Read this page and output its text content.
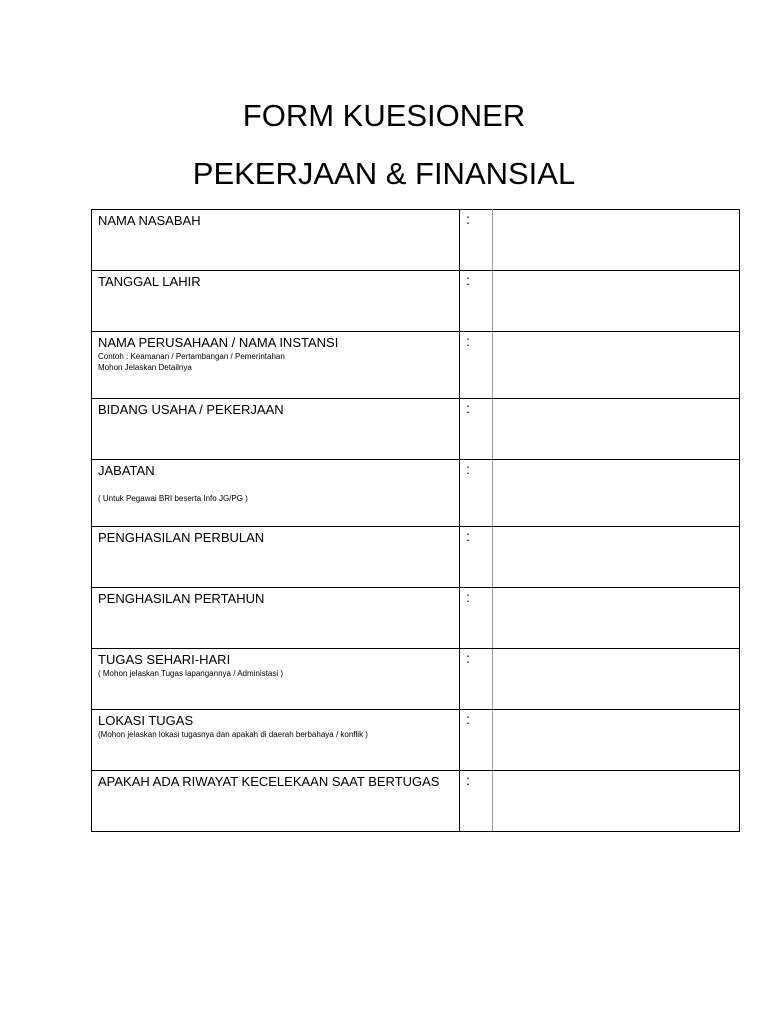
FORM KUESIONER
PEKERJAAN & FINANSIAL
NAMA NASABAH	:	

TANGGAL LAHIR	:	

NAMA PERUSAHAAN / NAMA INSTANSI
Contoh : Keamanan / Pertambangan / Pemerintahan
Mohon Jelaskan Detailnya	:	

BIDANG USAHA / PEKERJAAN	:	

JABATAN
( Untuk Pegawai BRI beserta Info JG/PG )	:	

PENGHASILAN PERBULAN	:	

PENGHASILAN PERTAHUN	:	

TUGAS SEHARI-HARI
( Mohon jelaskan Tugas lapangannya / Administasi )	:	

LOKASI TUGAS
(Mohon jelaskan lokasi tugasnya dan apakah di daerah berbahaya / konflik )	:	

APAKAH ADA RIWAYAT KECELEKAAN SAAT BERTUGAS	:	
